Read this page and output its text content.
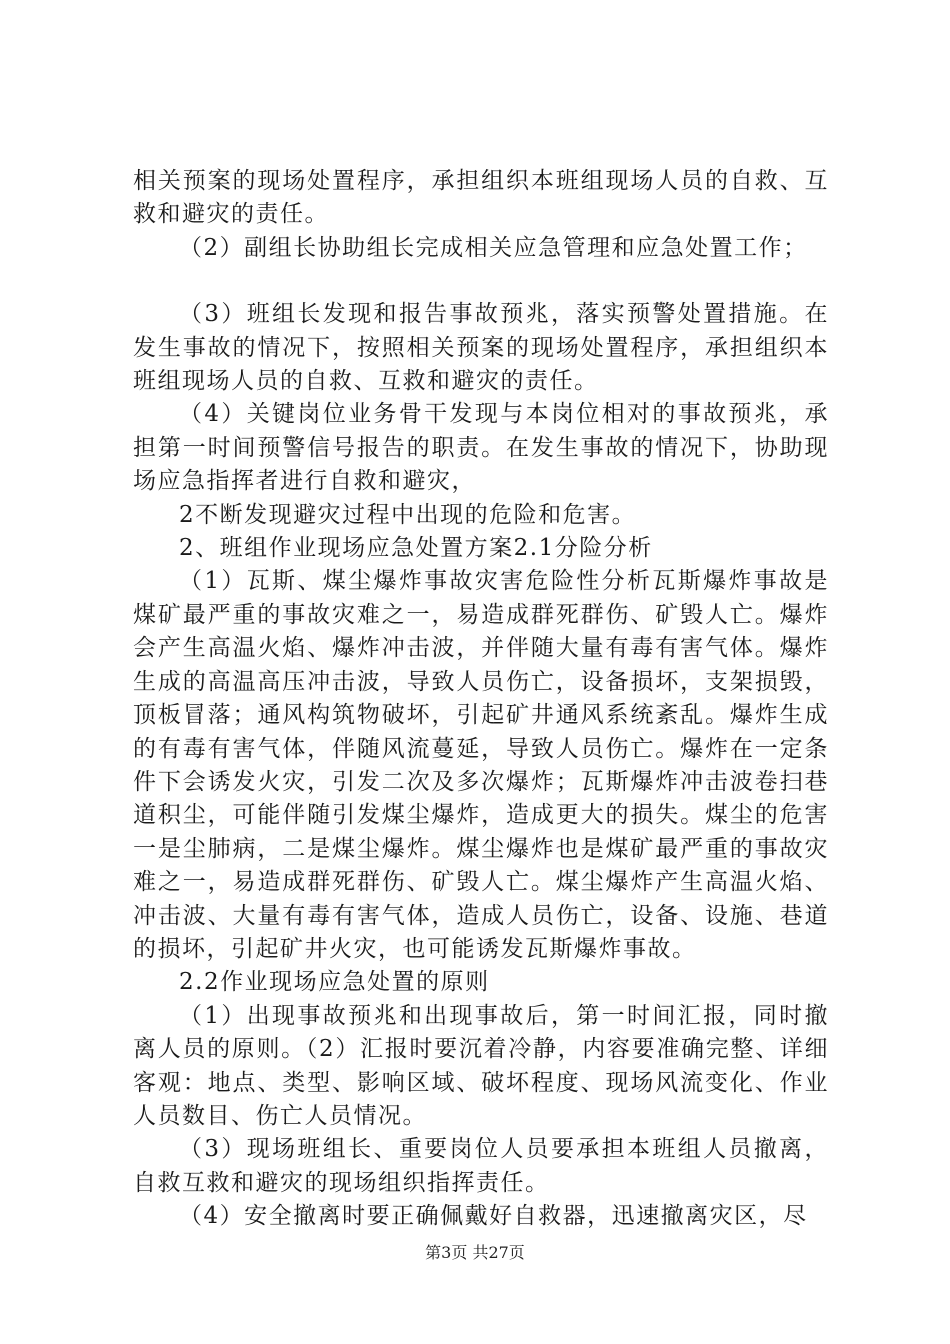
相关预案的现场处置程序，承担组织本班组现场人员的自救、互救和避灾的责任。

（2）副组长协助组长完成相关应急管理和应急处置工作；

（3）班组长发现和报告事故预兆，落实预警处置措施。在发生事故的情况下，按照相关预案的现场处置程序，承担组织本班组现场人员的自救、互救和避灾的责任。

（4）关键岗位业务骨干发现与本岗位相对的事故预兆，承担第一时间预警信号报告的职责。在发生事故的情况下，协助现场应急指挥者进行自救和避灾，

2不断发现避灾过程中出现的危险和危害。

2、班组作业现场应急处置方案2.1分险分析

（1）瓦斯、煤尘爆炸事故灾害危险性分析瓦斯爆炸事故是煤矿最严重的事故灾难之一，易造成群死群伤、矿毁人亡。爆炸会产生高温火焰、爆炸冲击波，并伴随大量有毒有害气体。爆炸生成的高温高压冲击波，导致人员伤亡，设备损坏，支架损毁，顶板冒落；通风构筑物破坏，引起矿井通风系统紊乱。爆炸生成的有毒有害气体，伴随风流蔓延，导致人员伤亡。爆炸在一定条件下会诱发火灾，引发二次及多次爆炸；瓦斯爆炸冲击波卷扫巷道积尘，可能伴随引发煤尘爆炸，造成更大的损失。煤尘的危害一是尘肺病，二是煤尘爆炸。煤尘爆炸也是煤矿最严重的事故灾难之一，易造成群死群伤、矿毁人亡。煤尘爆炸产生高温火焰、冲击波、大量有毒有害气体，造成人员伤亡，设备、设施、巷道的损坏，引起矿井火灾，也可能诱发瓦斯爆炸事故。

2.2作业现场应急处置的原则

（1）出现事故预兆和出现事故后，第一时间汇报，同时撤离人员的原则。（2）汇报时要沉着冷静，内容要准确完整、详细客观：地点、类型、影响区域、破坏程度、现场风流变化、作业人员数目、伤亡人员情况。

（3）现场班组长、重要岗位人员要承担本班组人员撤离，自救互救和避灾的现场组织指挥责任。

（4）安全撤离时要正确佩戴好自救器，迅速撤离灾区，尽

第3页 共27页
